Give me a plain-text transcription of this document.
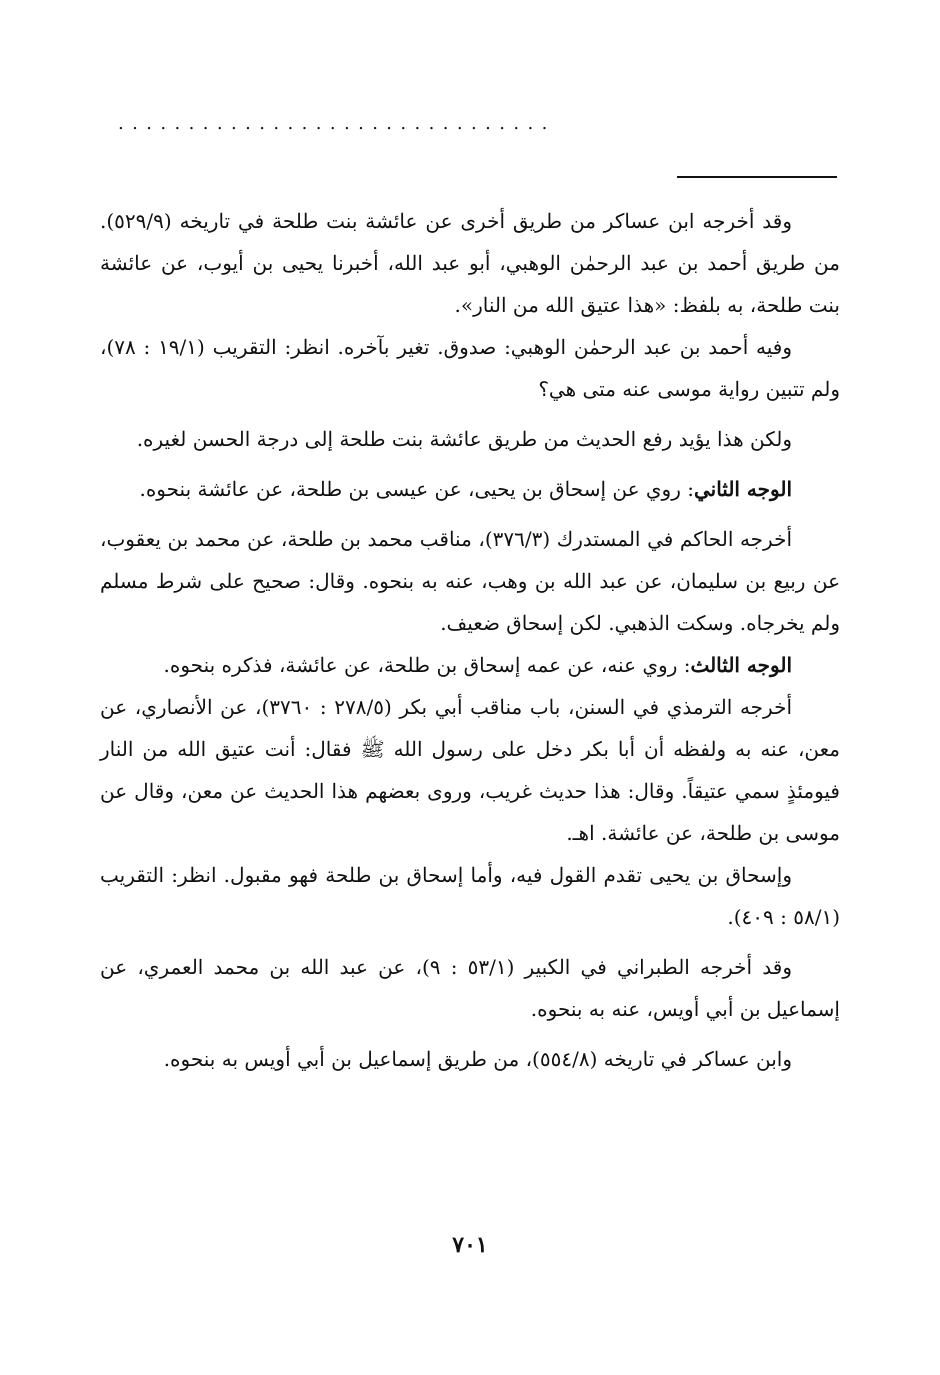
...............................

وقد أخرجه ابن عساكر من طريق أخرى عن عائشة بنت طلحة في تاريخه (٥٢٩/٩). من طريق أحمد بن عبد الرحمٰن الوهبي، أبو عبد الله، أخبرنا يحيى بن أيوب، عن عائشة بنت طلحة، به بلفظ: «هذا عتيق الله من النار».

وفيه أحمد بن عبد الرحمٰن الوهبي: صدوق. تغير بآخره. انظر: التقريب (١٩/١ : ٧٨)، ولم تتبين رواية موسى عنه متى هي؟

ولكن هذا يؤيد رفع الحديث من طريق عائشة بنت طلحة إلى درجة الحسن لغيره.

الوجه الثاني: روي عن إسحاق بن يحيى، عن عيسى بن طلحة، عن عائشة بنحوه.

أخرجه الحاكم في المستدرك (٣٧٦/٣)، مناقب محمد بن طلحة، عن محمد بن يعقوب، عن ربيع بن سليمان، عن عبد الله بن وهب، عنه به بنحوه. وقال: صحيح على شرط مسلم ولم يخرجاه. وسكت الذهبي. لكن إسحاق ضعيف.

الوجه الثالث: روي عنه، عن عمه إسحاق بن طلحة، عن عائشة، فذكره بنحوه.

أخرجه الترمذي في السنن، باب مناقب أبي بكر (٢٧٨/٥ : ٣٧٦٠)، عن الأنصاري، عن معن، عنه به ولفظه أن أبا بكر دخل على رسول الله ﷺ فقال: أنت عتيق الله من النار فيومئذٍ سمي عتيقاً. وقال: هذا حديث غريب، وروى بعضهم هذا الحديث عن معن، وقال عن موسى بن طلحة، عن عائشة. اهـ.

وإسحاق بن يحيى تقدم القول فيه، وأما إسحاق بن طلحة فهو مقبول. انظر: التقريب (٥٨/١ : ٤٠٩).

وقد أخرجه الطبراني في الكبير (٥٣/١ : ٩)، عن عبد الله بن محمد العمري، عن إسماعيل بن أبي أويس، عنه به بنحوه.

وابن عساكر في تاريخه (٥٥٤/٨)، من طريق إسماعيل بن أبي أويس به بنحوه.

٧٠١
